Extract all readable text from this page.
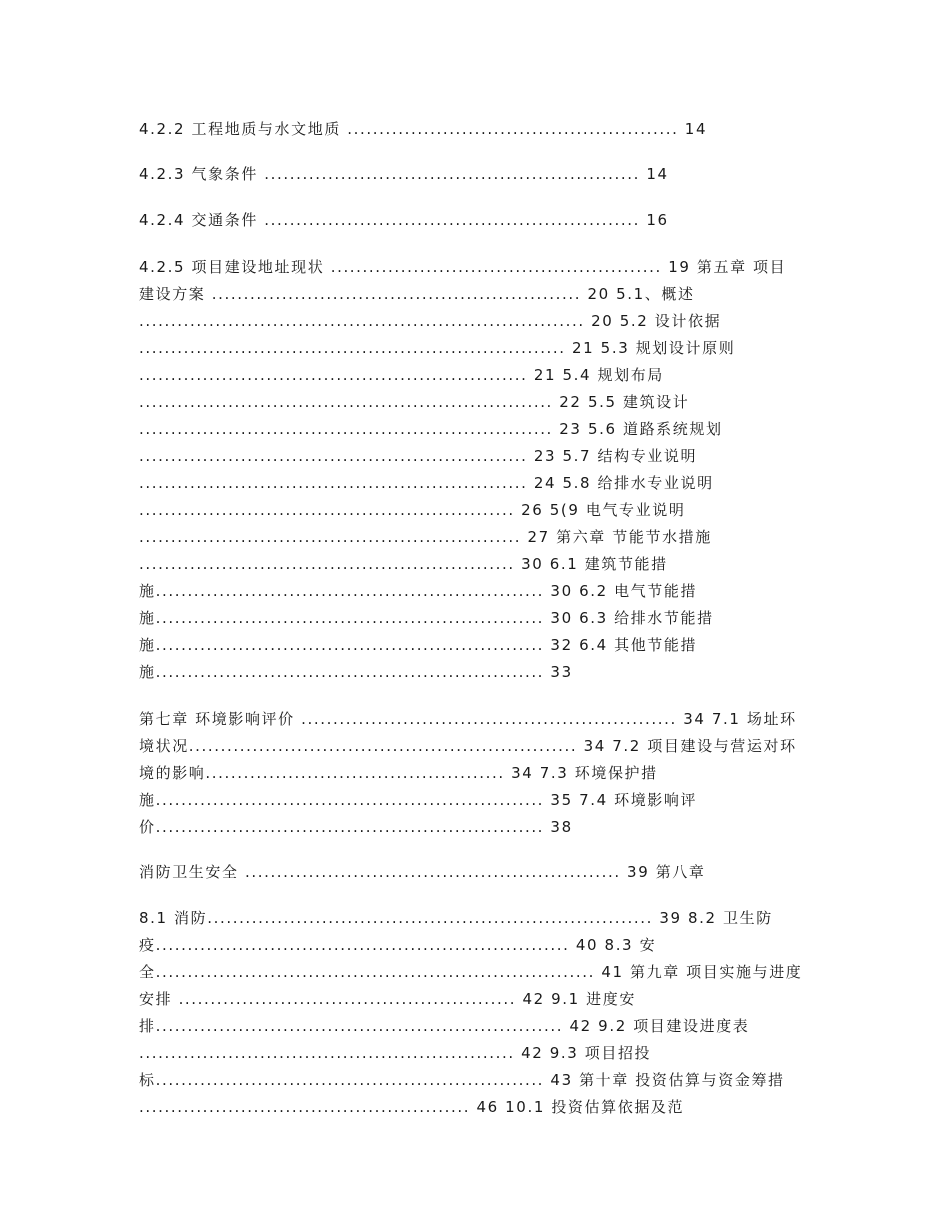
4.2.2 工程地质与水文地质 .................................................... 14

4.2.3 气象条件 ........................................................... 14

4.2.4 交通条件 ........................................................... 16

4.2.5 项目建设地址现状 .................................................... 19 第五章 项目

建设方案 .......................................................... 20 5.1、概述

...................................................................... 20 5.2 设计依据

................................................................... 21 5.3 规划设计原则

............................................................. 21 5.4 规划布局

................................................................. 22 5.5 建筑设计

................................................................. 23 5.6 道路系统规划

............................................................. 23 5.7 结构专业说明

............................................................. 24 5.8 给排水专业说明

........................................................... 26 5(9 电气专业说明

............................................................ 27 第六章 节能节水措施

........................................................... 30 6.1 建筑节能措

施............................................................. 30 6.2 电气节能措

施............................................................. 30 6.3 给排水节能措

施............................................................. 32 6.4 其他节能措

施............................................................. 33

第七章 环境影响评价 ........................................................... 34 7.1 场址环

境状况............................................................. 34 7.2 项目建设与营运对环

境的影响............................................... 34 7.3 环境保护措

施............................................................. 35 7.4 环境影响评

价............................................................. 38

消防卫生安全 ........................................................... 39 第八章

8.1 消防...................................................................... 39 8.2 卫生防

疫................................................................. 40 8.3 安

全..................................................................... 41 第九章 项目实施与进度

安排 ..................................................... 42 9.1 进度安

排................................................................ 42 9.2 项目建设进度表

........................................................... 42 9.3 项目招投

标............................................................. 43 第十章 投资估算与资金筹措

.................................................... 46 10.1 投资估算依据及范
